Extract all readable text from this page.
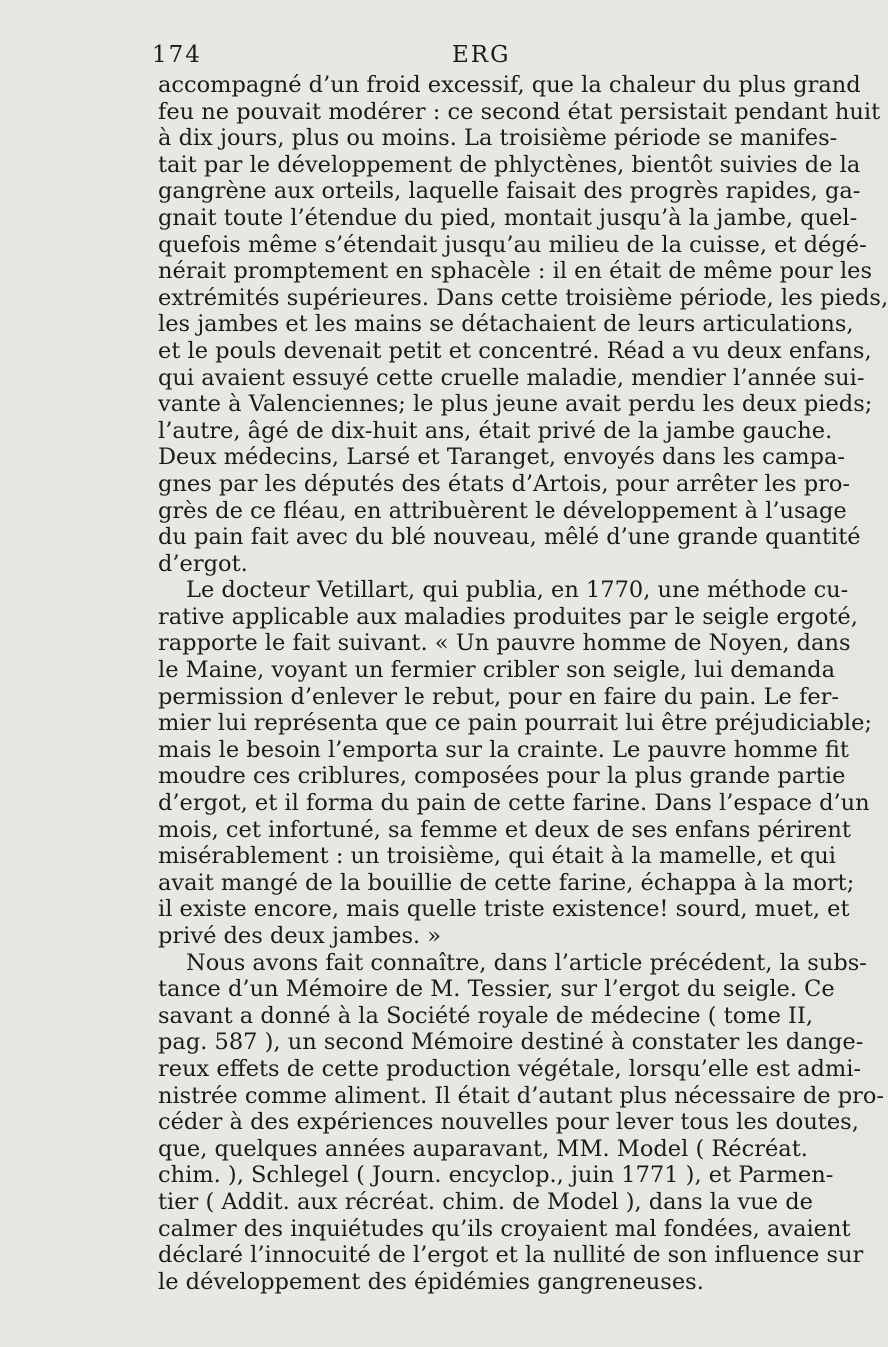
174	ERG
accompagné d’un froid excessif, que la chaleur du plus grand
feu ne pouvait modérer : ce second état persistait pendant huit
à dix jours, plus ou moins. La troisième période se manifes-
tait par le développement de phlyctènes, bientôt suivies de la
gangrène aux orteils, laquelle faisait des progrès rapides, ga-
gnait toute l’étendue du pied, montait jusqu’à la jambe, quel-
quefois même s’étendait jusqu’au milieu de la cuisse, et dégé-
nérait promptement en sphacèle : il en était de même pour les
extrémités supérieures. Dans cette troisième période, les pieds,
les jambes et les mains se détachaient de leurs articulations,
et le pouls devenait petit et concentré. Réad a vu deux enfans,
qui avaient essuyé cette cruelle maladie, mendier l’année sui-
vante à Valenciennes; le plus jeune avait perdu les deux pieds;
l’autre, âgé de dix-huit ans, était privé de la jambe gauche.
Deux médecins, Larsé et Taranget, envoyés dans les campa-
gnes par les députés des états d’Artois, pour arrêter les pro-
grès de ce fléau, en attribuèrent le développement à l’usage
du pain fait avec du blé nouveau, mêlé d’une grande quantité
d’ergot.
Le docteur Vetillart, qui publia, en 1770, une méthode cu-
rative applicable aux maladies produites par le seigle ergoté,
rapporte le fait suivant. « Un pauvre homme de Noyen, dans
le Maine, voyant un fermier cribler son seigle, lui demanda
permission d’enlever le rebut, pour en faire du pain. Le fer-
mier lui représenta que ce pain pourrait lui être préjudiciable;
mais le besoin l’emporta sur la crainte. Le pauvre homme fit
moudre ces criblures, composées pour la plus grande partie
d’ergot, et il forma du pain de cette farine. Dans l’espace d’un
mois, cet infortuné, sa femme et deux de ses enfans périrent
misérablement : un troisième, qui était à la mamelle, et qui
avait mangé de la bouillie de cette farine, échappa à la mort;
il existe encore, mais quelle triste existence! sourd, muet, et
privé des deux jambes. »
Nous avons fait connaître, dans l’article précédent, la subs-
tance d’un Mémoire de M. Tessier, sur l’ergot du seigle. Ce
savant a donné à la Société royale de médecine ( tome II,
pag. 587 ), un second Mémoire destiné à constater les dange-
reux effets de cette production végétale, lorsqu’elle est admi-
nistrée comme aliment. Il était d’autant plus nécessaire de pro-
céder à des expériences nouvelles pour lever tous les doutes,
que, quelques années auparavant, MM. Model ( Récréat.
chim. ), Schlegel ( Journ. encyclop., juin 1771 ), et Parmen-
tier ( Addit. aux récréat. chim. de Model ), dans la vue de
calmer des inquiétudes qu’ils croyaient mal fondées, avaient
déclaré l’innocuité de l’ergot et la nullité de son influence sur
le développement des épidémies gangreneuses.
